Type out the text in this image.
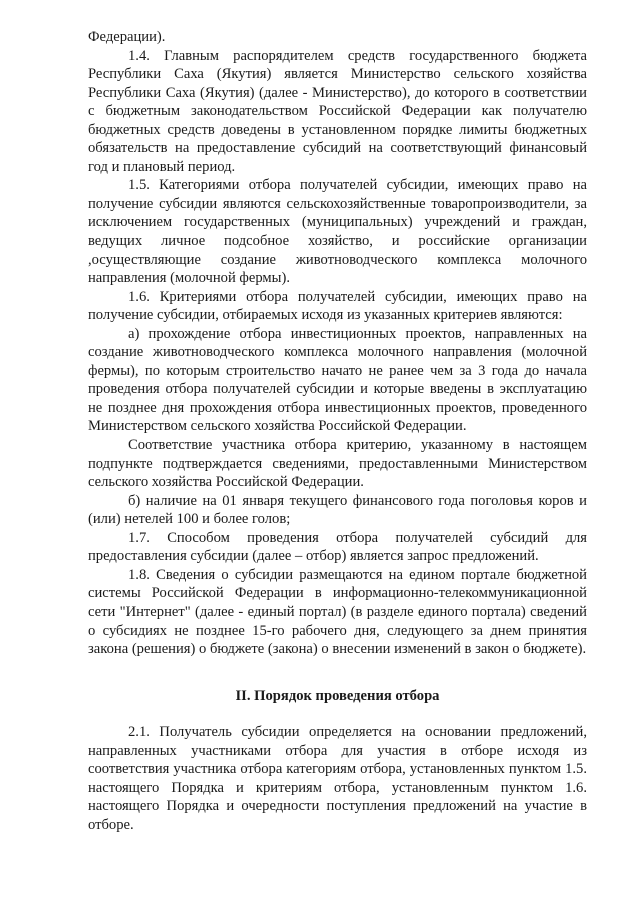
Федерации).

1.4. Главным распорядителем средств государственного бюджета Республики Саха (Якутия) является Министерство сельского хозяйства Республики Саха (Якутия) (далее - Министерство), до которого в соответствии с бюджетным законодательством Российской Федерации как получателю бюджетных средств доведены в установленном порядке лимиты бюджетных обязательств на предоставление субсидий на соответствующий финансовый год и плановый период.

1.5. Категориями отбора получателей субсидии, имеющих право на получение субсидии являются сельскохозяйственные товаропроизводители, за исключением государственных (муниципальных) учреждений и граждан, ведущих личное подсобное хозяйство, и российские организации ,осуществляющие создание животноводческого комплекса молочного направления (молочной фермы).

1.6. Критериями отбора получателей субсидии, имеющих право на получение субсидии, отбираемых исходя из указанных критериев являются:

а) прохождение отбора инвестиционных проектов, направленных на создание животноводческого комплекса молочного направления (молочной фермы), по которым строительство начато не ранее чем за 3 года до начала проведения отбора получателей субсидии и которые введены в эксплуатацию не позднее дня прохождения отбора инвестиционных проектов, проведенного Министерством сельского хозяйства Российской Федерации.

Соответствие участника отбора критерию, указанному в настоящем подпункте подтверждается сведениями, предоставленными Министерством сельского хозяйства Российской Федерации.

б) наличие на 01 января текущего финансового года поголовья коров и (или) нетелей 100 и более голов;

1.7. Способом проведения отбора получателей субсидий для предоставления субсидии (далее – отбор) является запрос предложений.

1.8. Сведения о субсидии размещаются на едином портале бюджетной системы Российской Федерации в информационно-телекоммуникационной сети "Интернет" (далее - единый портал) (в разделе единого портала) сведений о субсидиях не позднее 15-го рабочего дня, следующего за днем принятия закона (решения) о бюджете (закона) о внесении изменений в закон о бюджете).

II. Порядок проведения отбора

2.1. Получатель субсидии определяется на основании предложений, направленных участниками отбора для участия в отборе исходя из соответствия участника отбора категориям отбора, установленных пунктом 1.5. настоящего Порядка и критериям отбора, установленным пунктом 1.6. настоящего Порядка и очередности поступления предложений на участие в отборе.
